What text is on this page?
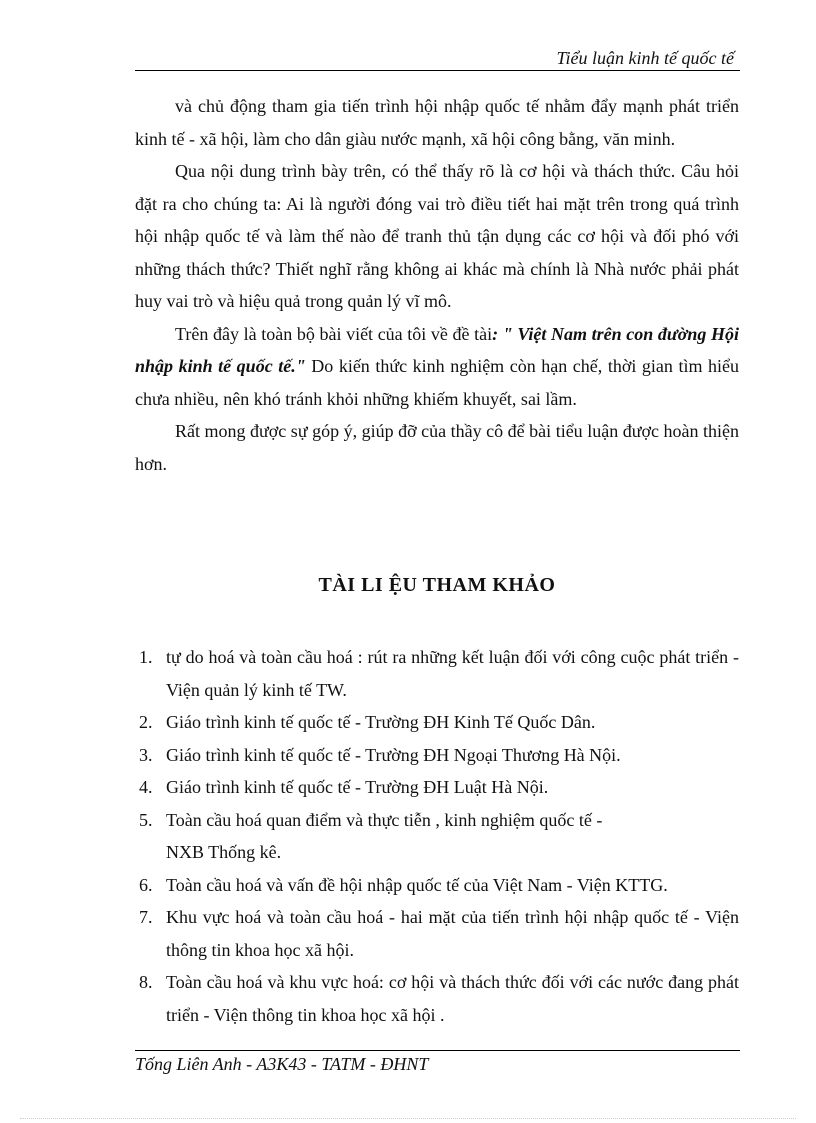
Tiểu luận kinh tế quốc tế

và chủ động tham gia tiến trình hội nhập quốc tế nhằm đẩy mạnh phát triển kinh tế - xã hội, làm cho dân giàu nước mạnh, xã hội công bằng, văn minh.

Qua nội dung trình bày trên, có thể thấy rõ là cơ hội và thách thức. Câu hỏi đặt ra cho chúng ta: Ai là người đóng vai trò điều tiết hai mặt trên trong quá trình hội nhập quốc tế và làm thế nào để tranh thủ tận dụng các cơ hội và đối phó với những thách thức? Thiết nghĩ rằng không ai khác mà chính là Nhà nước phải phát huy vai trò và hiệu quả trong quản lý vĩ mô.

Trên đây là toàn bộ bài viết của tôi về đề tài: " Việt Nam trên con đường Hội nhập kinh tế quốc tế." Do kiến thức kinh nghiệm còn hạn chế, thời gian tìm hiểu chưa nhiều, nên khó tránh khỏi những khiếm khuyết, sai lầm.

Rất mong được sự góp ý, giúp đỡ của thầy cô để bài tiểu luận được hoàn thiện hơn.

TÀI LI ỆU THAM KHẢO
1. tự do hoá và toàn cầu hoá : rút ra những kết luận đối với công cuộc phát triển - Viện quản lý kinh tế TW.
2. Giáo trình kinh tế quốc tế - Trường ĐH Kinh Tế Quốc Dân.
3. Giáo trình kinh tế quốc tế - Trường ĐH Ngoại Thương Hà Nội.
4. Giáo trình kinh tế quốc tế - Trường ĐH Luật Hà Nội.
5. Toàn cầu hoá quan điểm và thực tiễn , kinh nghiệm quốc tế -
NXB Thống kê.
6. Toàn cầu hoá và vấn đề hội nhập quốc tế của Việt Nam - Viện KTTG.
7. Khu vực hoá và toàn cầu hoá - hai mặt của tiến trình hội nhập quốc tế - Viện thông tin khoa học xã hội.
8. Toàn cầu hoá và khu vực hoá: cơ hội và thách thức đối với các nước đang phát triển - Viện thông tin khoa học xã hội .
Tống Liên Anh - A3K43 - TATM - ĐHNT
